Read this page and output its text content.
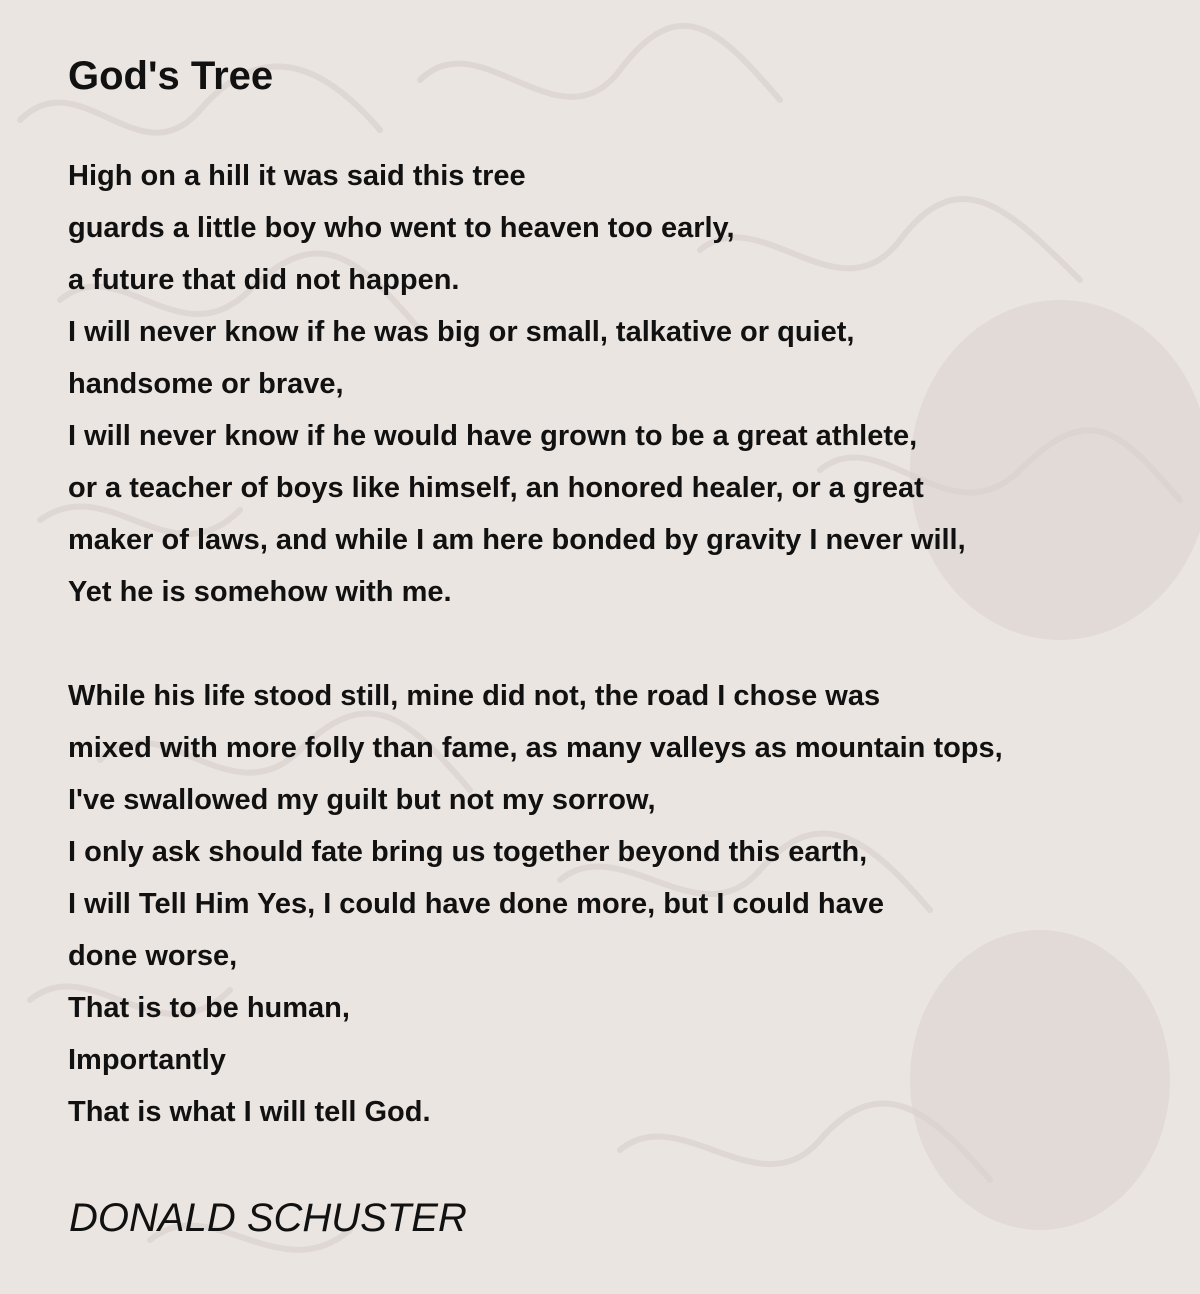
God's Tree
High on a hill it was said this tree
guards a little boy who went to heaven too early,
a future that did not happen.
I will never know if he was big or small, talkative or quiet,
handsome or brave,
I will never know if he would have grown to be a great athlete,
or a teacher of boys like himself, an honored healer, or a great
maker of laws, and while I am here bonded by gravity I never will,
Yet he is somehow with me.
While his life stood still, mine did not, the road I chose was
mixed with more folly than fame, as many valleys as mountain tops,
I've swallowed my guilt but not my sorrow,
I only ask should fate bring us together beyond this earth,
I will Tell Him Yes, I could have done more, but I could have
done worse,
That is to be human,
Importantly
That is what I will tell God.

DONALD SCHUSTER
